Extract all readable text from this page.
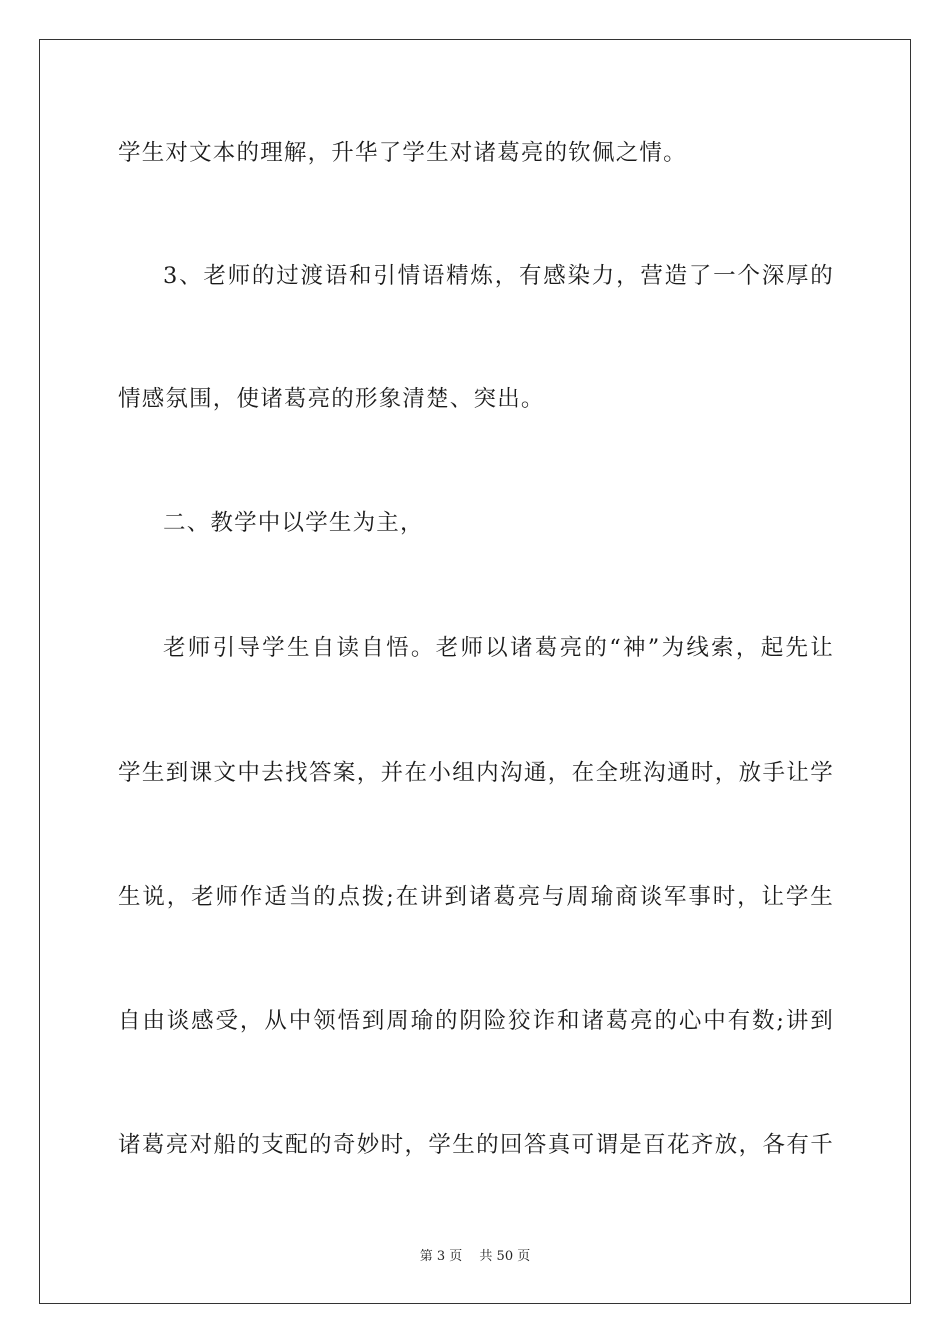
学生对文本的理解，升华了学生对诸葛亮的钦佩之情。
3、老师的过渡语和引情语精炼，有感染力，营造了一个深厚的
情感氛围，使诸葛亮的形象清楚、突出。
二、教学中以学生为主，
老师引导学生自读自悟。老师以诸葛亮的“神”为线索，起先让
学生到课文中去找答案，并在小组内沟通，在全班沟通时，放手让学
生说，老师作适当的点拨;在讲到诸葛亮与周瑜商谈军事时，让学生
自由谈感受，从中领悟到周瑜的阴险狡诈和诸葛亮的心中有数;讲到
诸葛亮对船的支配的奇妙时，学生的回答真可谓是百花齐放，各有千
第 3 页　 共 50 页
